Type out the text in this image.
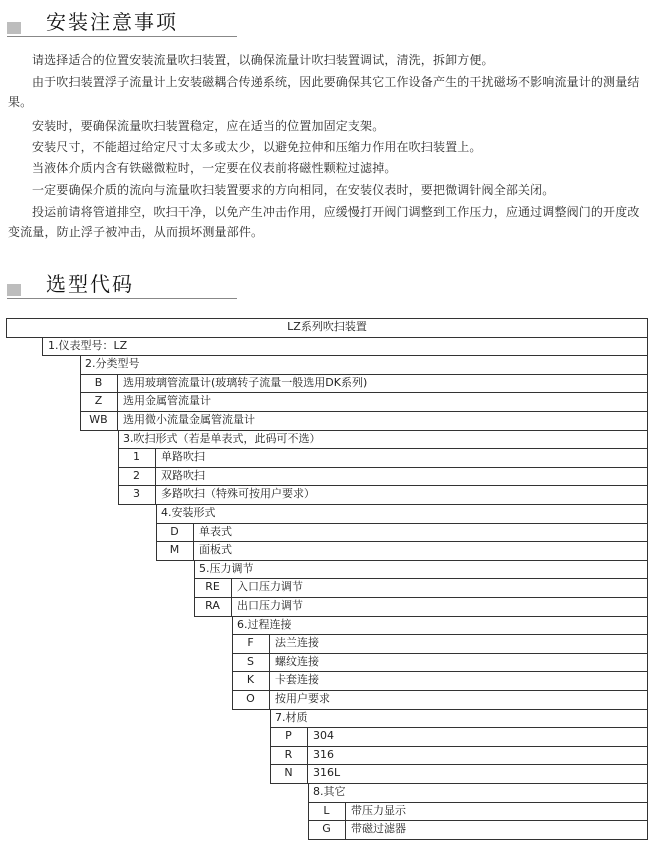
安装注意事项
请选择适合的位置安装流量吹扫装置，以确保流量计吹扫装置调试，清洗，拆卸方便。
由于吹扫装置浮子流量计上安装磁耦合传递系统，因此要确保其它工作设备产生的干扰磁场不影响流量计的测量结果。
安装时，要确保流量吹扫装置稳定，应在适当的位置加固定支架。
安装尺寸，不能超过给定尺寸太多或太少，以避免拉伸和压缩力作用在吹扫装置上。
当液体介质内含有铁磁微粒时，一定要在仪表前将磁性颗粒过滤掉。
一定要确保介质的流向与流量吹扫装置要求的方向相同，在安装仪表时，要把微调针阀全部关闭。
投运前请将管道排空，吹扫干净，以免产生冲击作用，应缓慢打开阀门调整到工作压力，应通过调整阀门的开度改变流量，防止浮子被冲击，从而损坏测量部件。
选型代码
LZ系列吹扫装置
1.仪表型号：LZ
2.分类型号
B	选用玻璃管流量计(玻璃转子流量一般选用DK系列)
Z	选用金属管流量计
WB	选用微小流量金属管流量计
3.吹扫形式（若是单表式，此码可不选）
1	单路吹扫
2	双路吹扫
3	多路吹扫（特殊可按用户要求）
4.安装形式
D	单表式
M	面板式
5.压力调节
RE	入口压力调节
RA	出口压力调节
6.过程连接
F	法兰连接
S	螺纹连接
K	卡套连接
O	按用户要求
7.材质
P	304
R	316
N	316L
8.其它
L	带压力显示
G	带磁过滤器
